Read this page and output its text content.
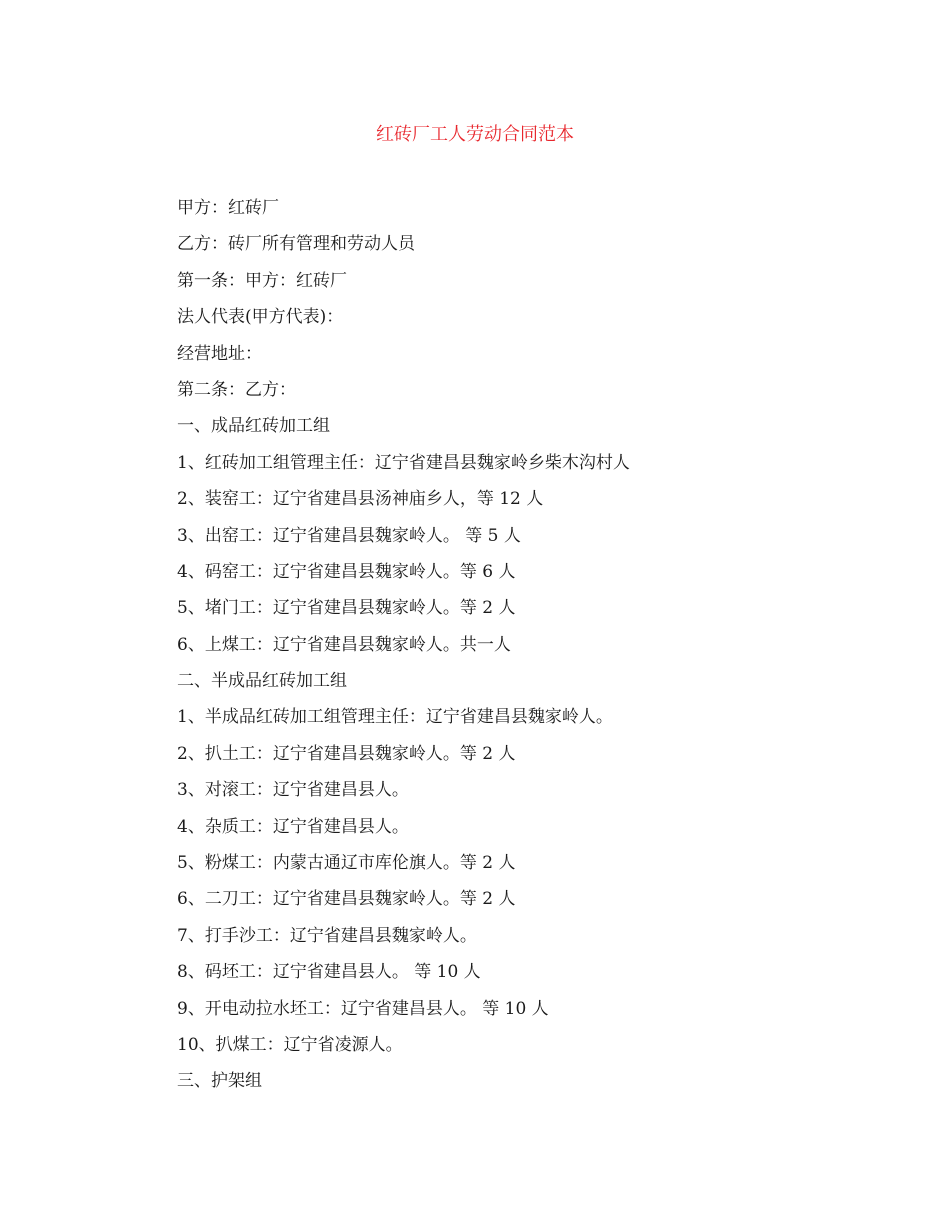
红砖厂工人劳动合同范本
甲方：红砖厂
乙方：砖厂所有管理和劳动人员
第一条：甲方：红砖厂
法人代表(甲方代表)：
经营地址：
第二条：乙方：
一、成品红砖加工组
1、红砖加工组管理主任：辽宁省建昌县魏家岭乡柴木沟村人
2、装窑工：辽宁省建昌县汤神庙乡人，等 12 人
3、出窑工：辽宁省建昌县魏家岭人。 等 5 人
4、码窑工：辽宁省建昌县魏家岭人。等 6 人
5、堵门工：辽宁省建昌县魏家岭人。等 2 人
6、上煤工：辽宁省建昌县魏家岭人。共一人
二、半成品红砖加工组
1、半成品红砖加工组管理主任：辽宁省建昌县魏家岭人。
2、扒土工：辽宁省建昌县魏家岭人。等 2 人
3、对滚工：辽宁省建昌县人。
4、杂质工：辽宁省建昌县人。
5、粉煤工：内蒙古通辽市库伦旗人。等 2 人
6、二刀工：辽宁省建昌县魏家岭人。等 2 人
7、打手沙工：辽宁省建昌县魏家岭人。
8、码坯工：辽宁省建昌县人。 等 10 人
9、开电动拉水坯工：辽宁省建昌县人。 等 10 人
10、扒煤工：辽宁省凌源人。
三、护架组
